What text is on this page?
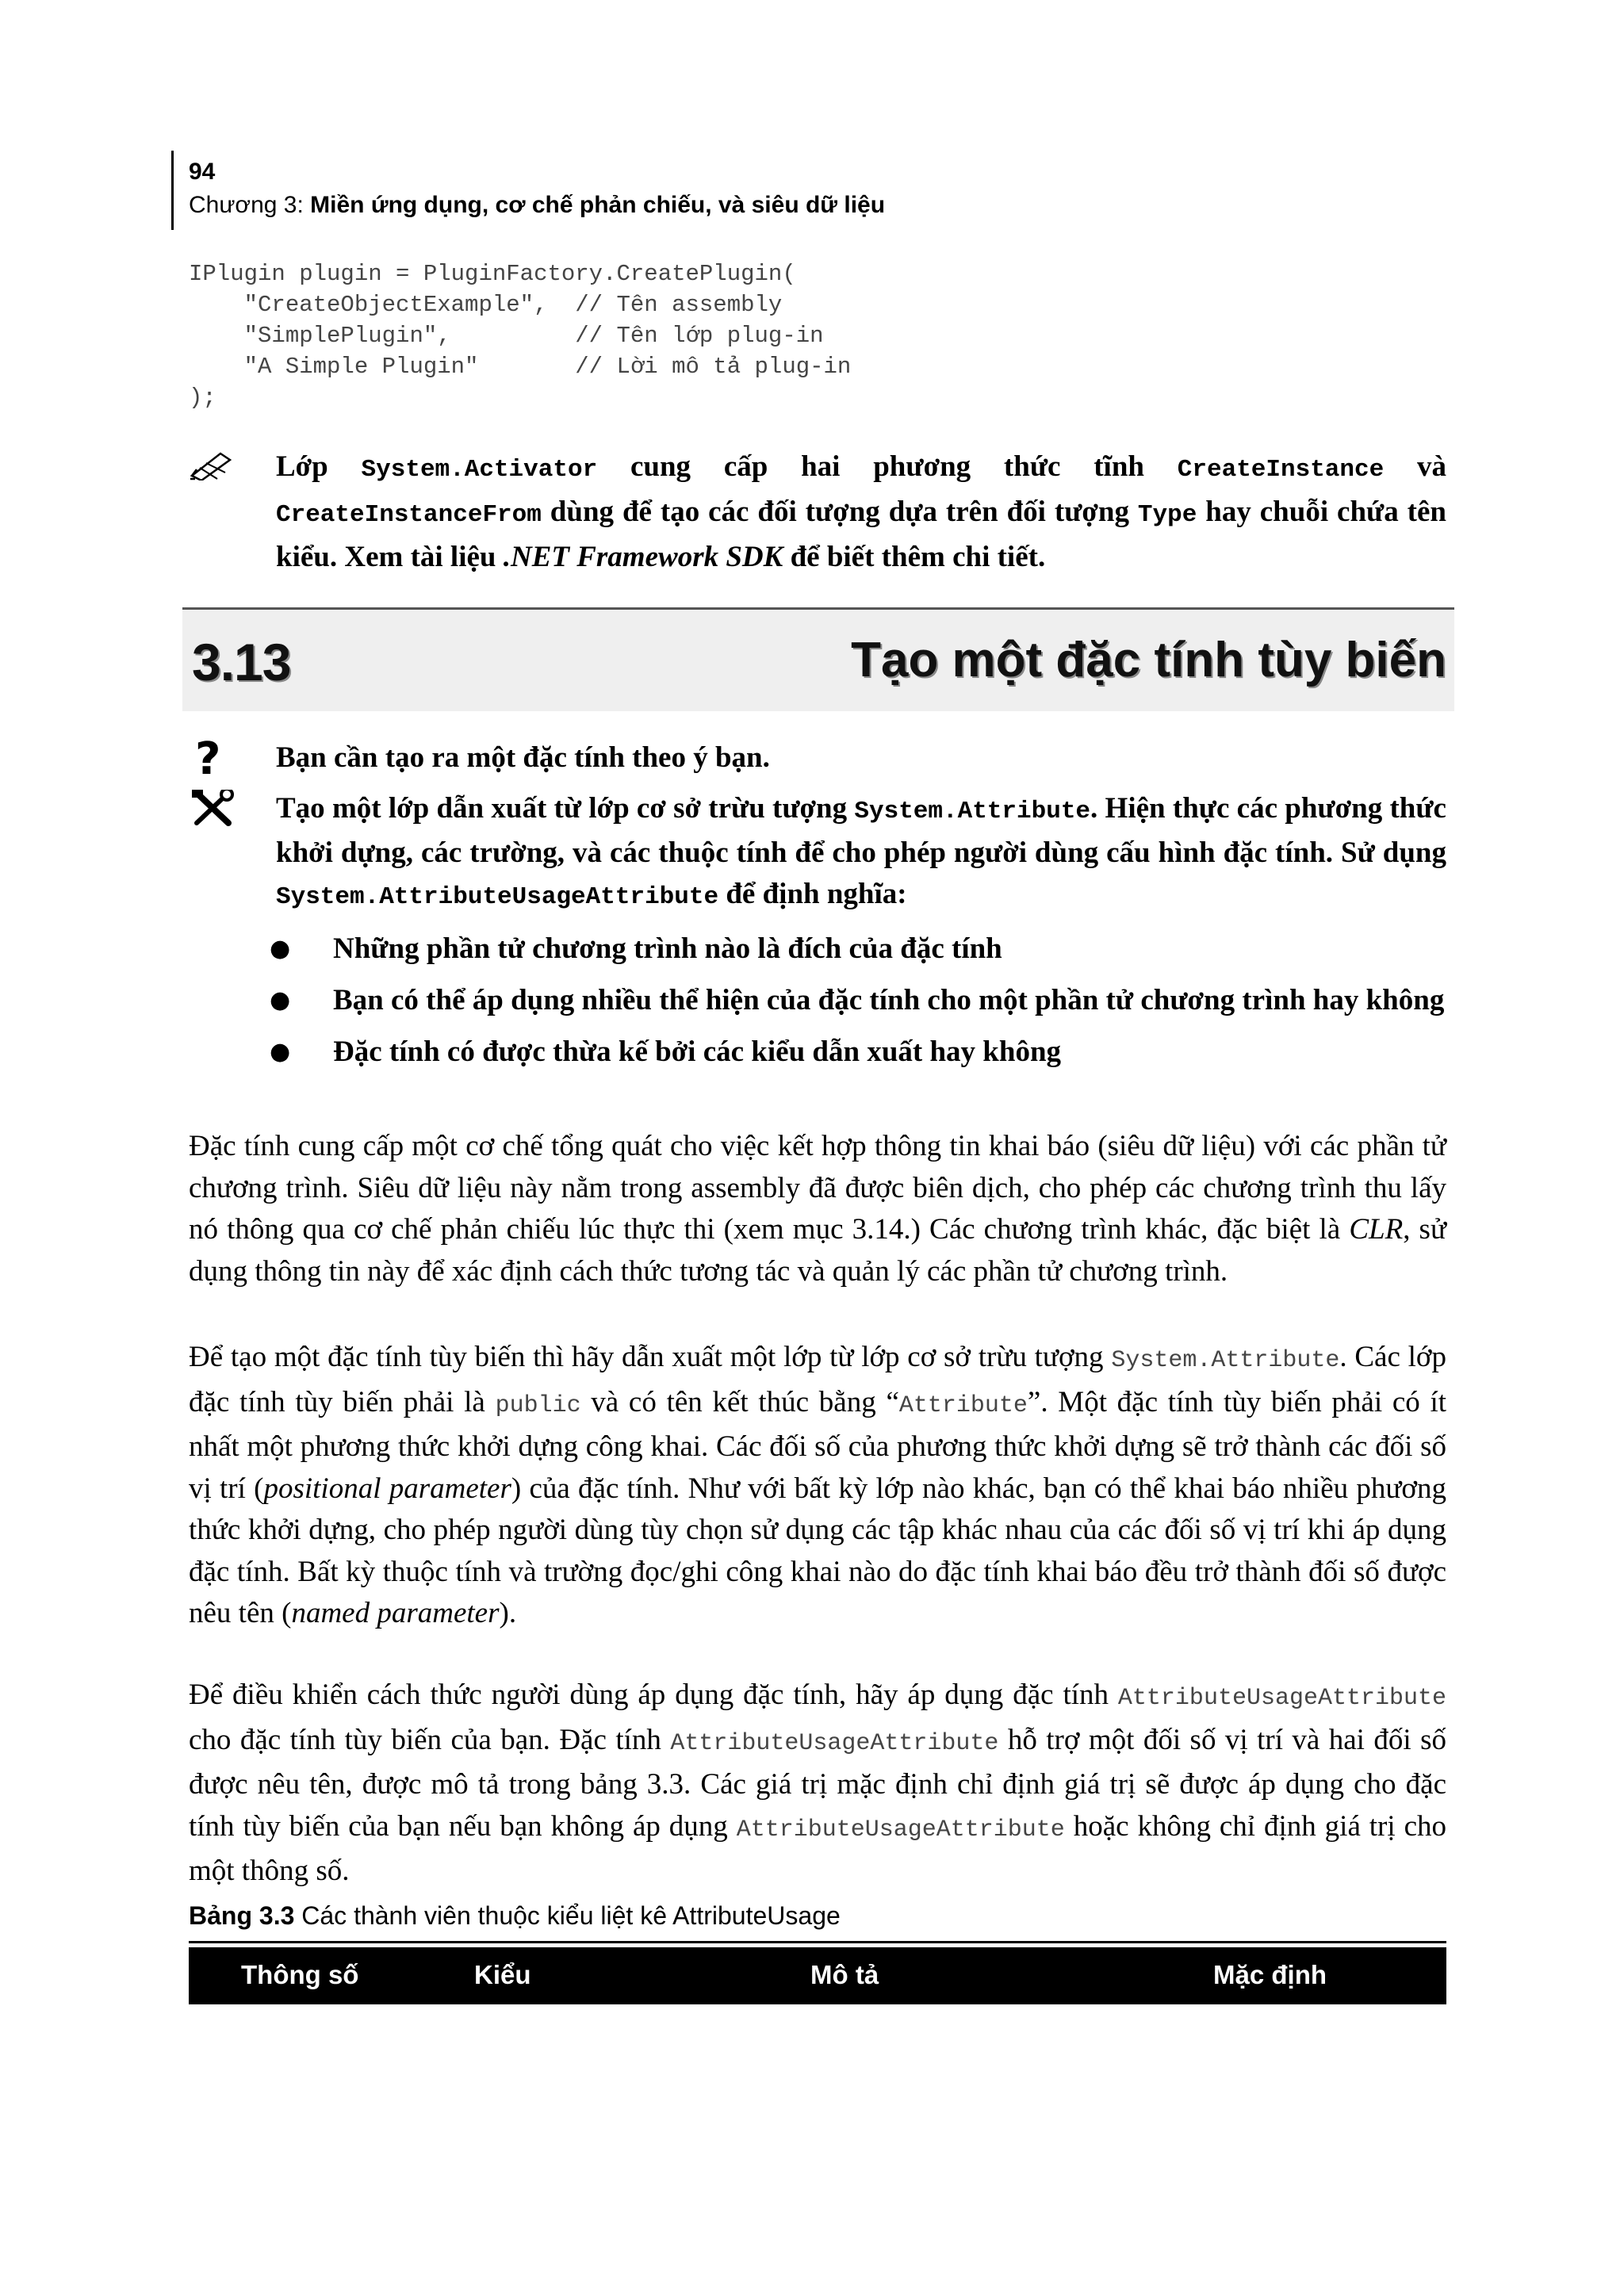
94
Chương 3: Miền ứng dụng, cơ chế phản chiếu, và siêu dữ liệu
IPlugin plugin = PluginFactory.CreatePlugin(
"CreateObjectExample",  // Tên assembly
"SimplePlugin",         // Tên lớp plug-in
"A Simple Plugin"       // Lời mô tả plug-in
);
Lớp System.Activator cung cấp hai phương thức tĩnh CreateInstance và CreateInstanceFrom dùng để tạo các đối tượng dựa trên đối tượng Type hay chuỗi chứa tên kiểu. Xem tài liệu .NET Framework SDK để biết thêm chi tiết.
3.13	Tạo một đặc tính tùy biến
? Bạn cần tạo ra một đặc tính theo ý bạn.
Tạo một lớp dẫn xuất từ lớp cơ sở trừu tượng System.Attribute. Hiện thực các phương thức khởi dựng, các trường, và các thuộc tính để cho phép người dùng cấu hình đặc tính. Sử dụng System.AttributeUsageAttribute để định nghĩa:
● Những phần tử chương trình nào là đích của đặc tính
● Bạn có thể áp dụng nhiều thể hiện của đặc tính cho một phần tử chương trình hay không
● Đặc tính có được thừa kế bởi các kiểu dẫn xuất hay không

Đặc tính cung cấp một cơ chế tổng quát cho việc kết hợp thông tin khai báo (siêu dữ liệu) với các phần tử chương trình. Siêu dữ liệu này nằm trong assembly đã được biên dịch, cho phép các chương trình thu lấy nó thông qua cơ chế phản chiếu lúc thực thi (xem mục 3.14.) Các chương trình khác, đặc biệt là CLR, sử dụng thông tin này để xác định cách thức tương tác và quản lý các phần tử chương trình.

Để tạo một đặc tính tùy biến thì hãy dẫn xuất một lớp từ lớp cơ sở trừu tượng System.Attribute. Các lớp đặc tính tùy biến phải là public và có tên kết thúc bằng “Attribute”. Một đặc tính tùy biến phải có ít nhất một phương thức khởi dựng công khai. Các đối số của phương thức khởi dựng sẽ trở thành các đối số vị trí (positional parameter) của đặc tính. Như với bất kỳ lớp nào khác, bạn có thể khai báo nhiều phương thức khởi dựng, cho phép người dùng tùy chọn sử dụng các tập khác nhau của các đối số vị trí khi áp dụng đặc tính. Bất kỳ thuộc tính và trường đọc/ghi công khai nào do đặc tính khai báo đều trở thành đối số được nêu tên (named parameter).

Để điều khiển cách thức người dùng áp dụng đặc tính, hãy áp dụng đặc tính AttributeUsageAttribute cho đặc tính tùy biến của bạn. Đặc tính AttributeUsageAttribute hỗ trợ một đối số vị trí và hai đối số được nêu tên, được mô tả trong bảng 3.3. Các giá trị mặc định chỉ định giá trị sẽ được áp dụng cho đặc tính tùy biến của bạn nếu bạn không áp dụng AttributeUsageAttribute hoặc không chỉ định giá trị cho một thông số.

Bảng 3.3 Các thành viên thuộc kiểu liệt kê AttributeUsage
Thông số	Kiểu	Mô tả	Mặc định
